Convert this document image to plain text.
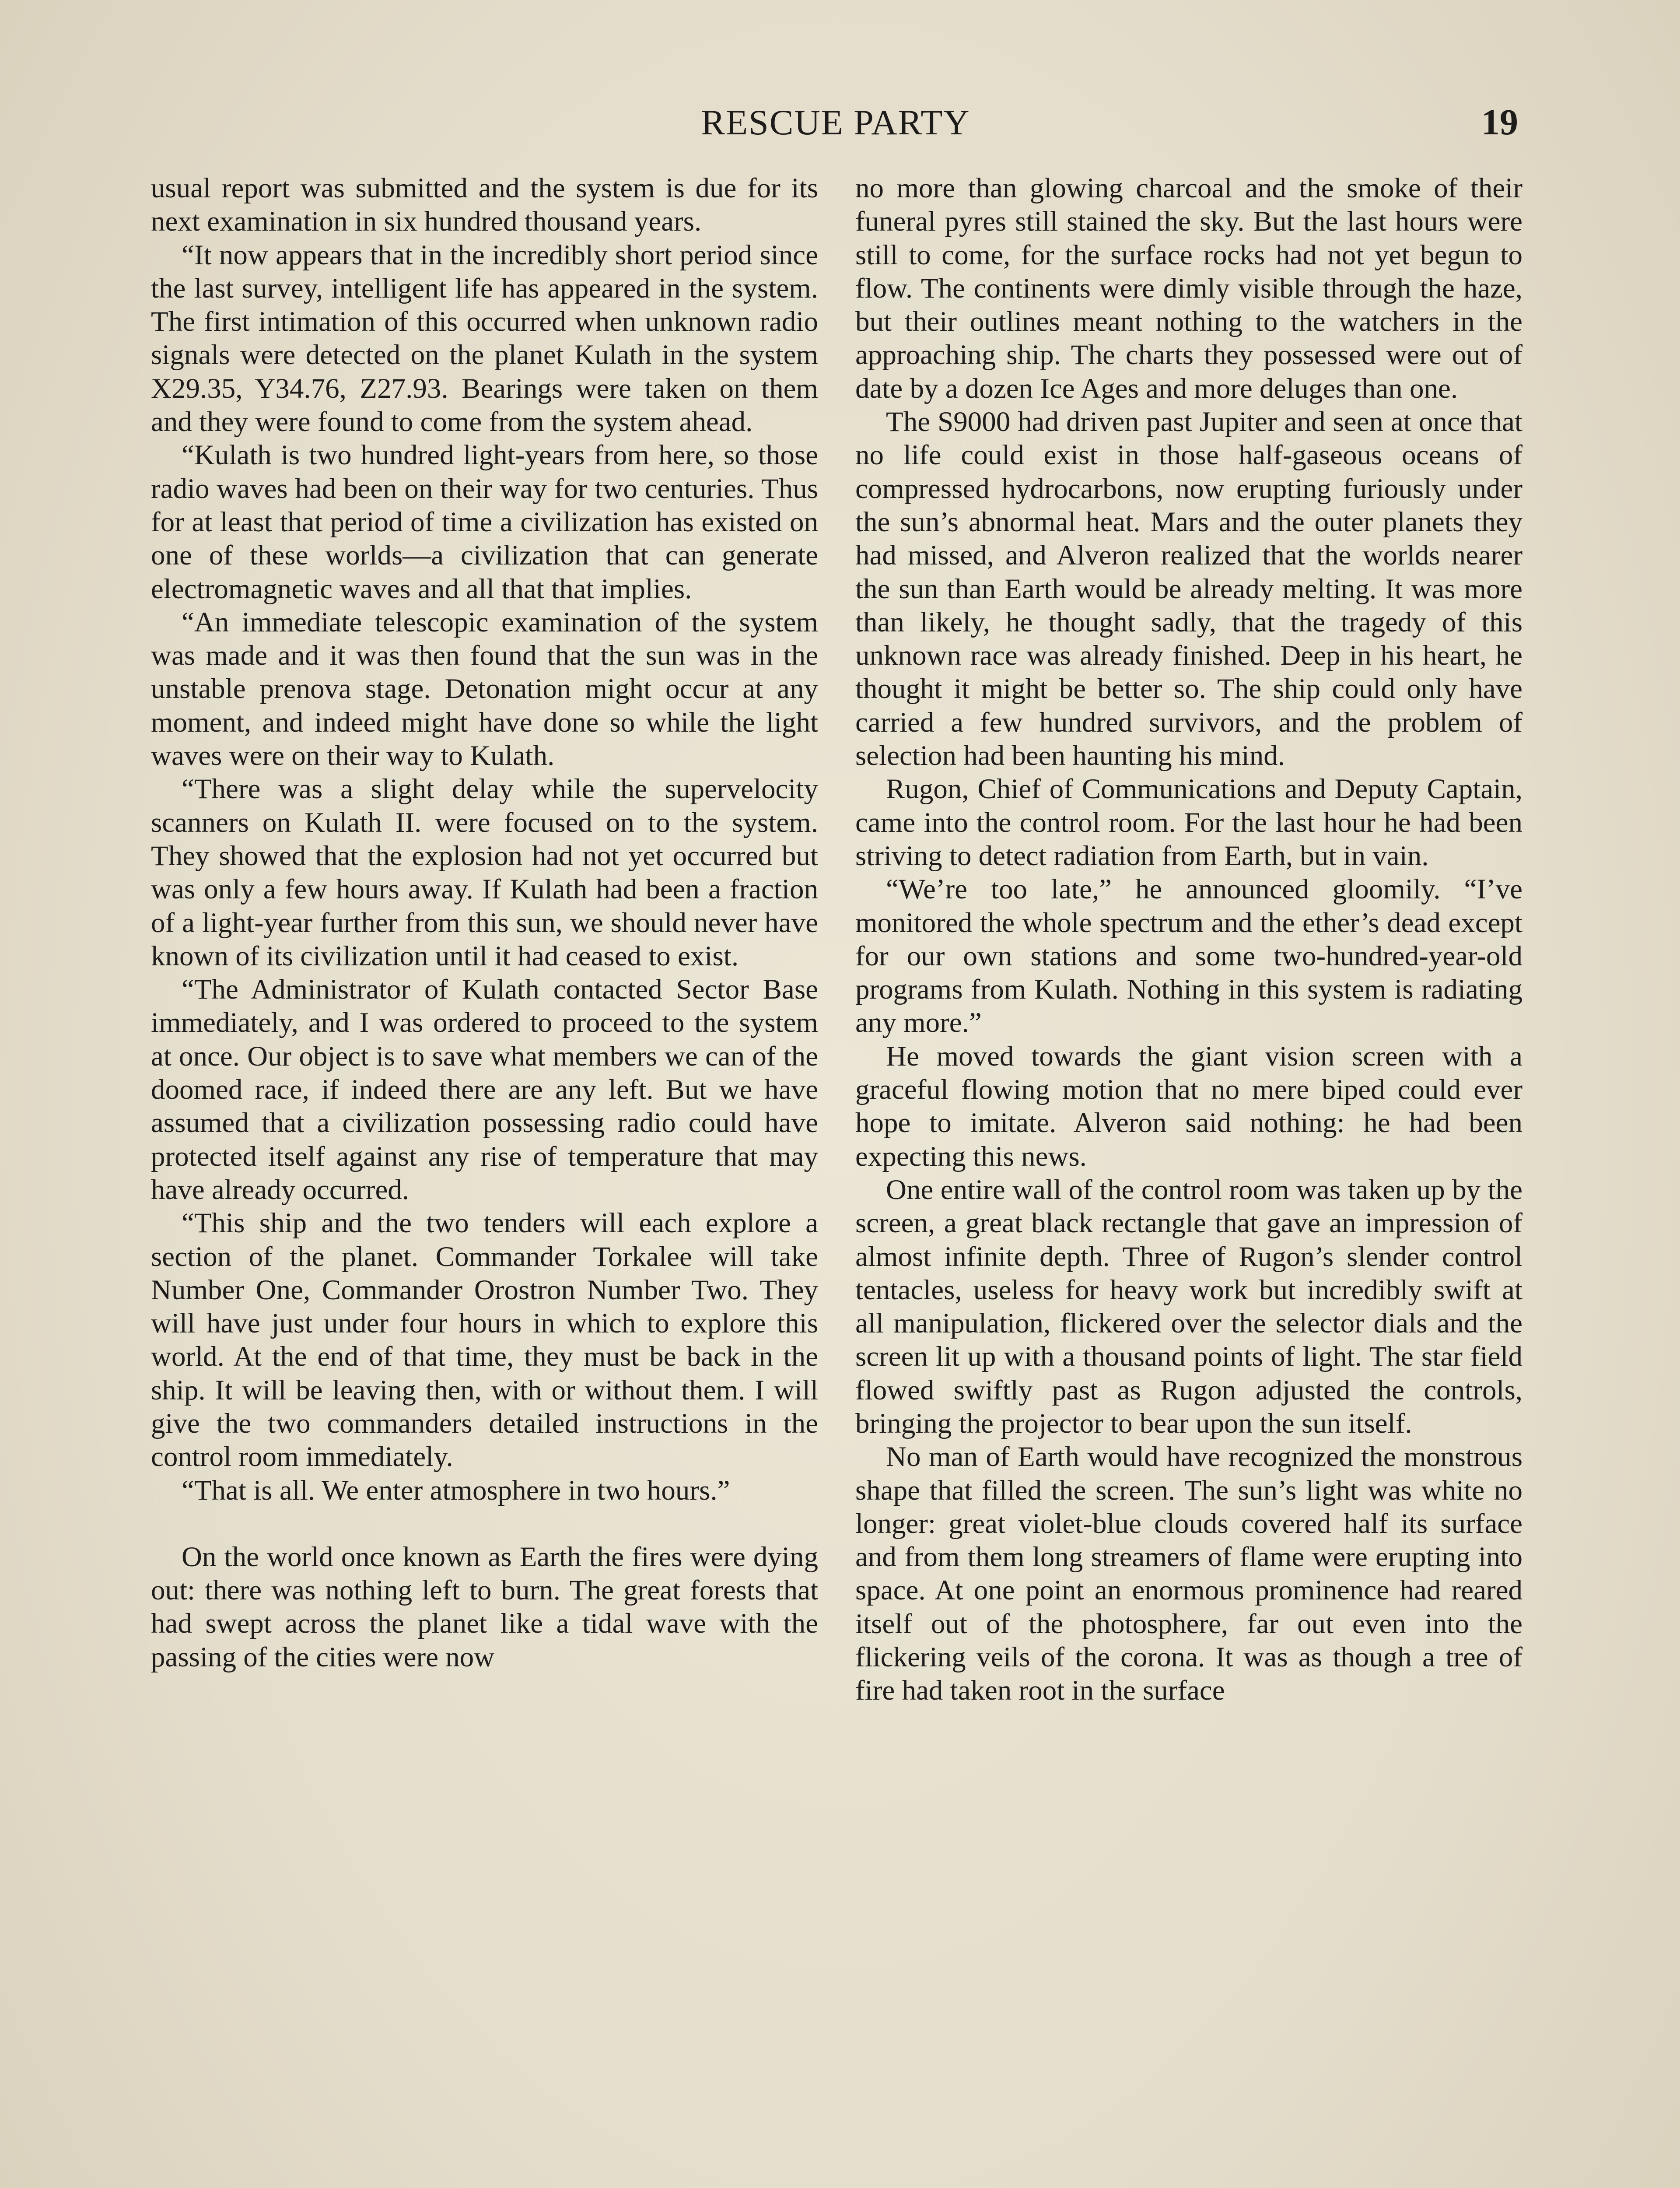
RESCUE PARTY	19

usual report was submitted and the system is due for its next examination in six hundred thousand years.

“It now appears that in the incredibly short period since the last survey, intelligent life has appeared in the system. The first intimation of this occurred when unknown radio signals were detected on the planet Kulath in the system X29.35, Y34.76, Z27.93. Bearings were taken on them and they were found to come from the system ahead.

“Kulath is two hundred light-years from here, so those radio waves had been on their way for two centuries. Thus for at least that period of time a civilization has existed on one of these worlds—a civilization that can generate electromagnetic waves and all that that implies.

“An immediate telescopic examination of the system was made and it was then found that the sun was in the unstable prenova stage. Detonation might occur at any moment, and indeed might have done so while the light waves were on their way to Kulath.

“There was a slight delay while the supervelocity scanners on Kulath II. were focused on to the system. They showed that the explosion had not yet occurred but was only a few hours away. If Kulath had been a fraction of a light-year further from this sun, we should never have known of its civilization until it had ceased to exist.

“The Administrator of Kulath contacted Sector Base immediately, and I was ordered to proceed to the system at once. Our object is to save what members we can of the doomed race, if indeed there are any left. But we have assumed that a civilization possessing radio could have protected itself against any rise of temperature that may have already occurred.

“This ship and the two tenders will each explore a section of the planet. Commander Torkalee will take Number One, Commander Orostron Number Two. They will have just under four hours in which to explore this world. At the end of that time, they must be back in the ship. It will be leaving then, with or without them. I will give the two commanders detailed instructions in the control room immediately.

“That is all. We enter atmosphere in two hours.”

On the world once known as Earth the fires were dying out: there was nothing left to burn. The great forests that had swept across the planet like a tidal wave with the passing of the cities were now

no more than glowing charcoal and the smoke of their funeral pyres still stained the sky. But the last hours were still to come, for the surface rocks had not yet begun to flow. The continents were dimly visible through the haze, but their outlines meant nothing to the watchers in the approaching ship. The charts they possessed were out of date by a dozen Ice Ages and more deluges than one.

The S9000 had driven past Jupiter and seen at once that no life could exist in those half-gaseous oceans of compressed hydrocarbons, now erupting furiously under the sun’s abnormal heat. Mars and the outer planets they had missed, and Alveron realized that the worlds nearer the sun than Earth would be already melting. It was more than likely, he thought sadly, that the tragedy of this unknown race was already finished. Deep in his heart, he thought it might be better so. The ship could only have carried a few hundred survivors, and the problem of selection had been haunting his mind.

Rugon, Chief of Communications and Deputy Captain, came into the control room. For the last hour he had been striving to detect radiation from Earth, but in vain.

“We’re too late,” he announced gloomily. “I’ve monitored the whole spectrum and the ether’s dead except for our own stations and some two-hundred-year-old programs from Kulath. Nothing in this system is radiating any more.”

He moved towards the giant vision screen with a graceful flowing motion that no mere biped could ever hope to imitate. Alveron said nothing: he had been expecting this news.

One entire wall of the control room was taken up by the screen, a great black rectangle that gave an impression of almost infinite depth. Three of Rugon’s slender control tentacles, useless for heavy work but incredibly swift at all manipulation, flickered over the selector dials and the screen lit up with a thousand points of light. The star field flowed swiftly past as Rugon adjusted the controls, bringing the projector to bear upon the sun itself.

No man of Earth would have recognized the monstrous shape that filled the screen. The sun’s light was white no longer: great violet-blue clouds covered half its surface and from them long streamers of flame were erupting into space. At one point an enormous prominence had reared itself out of the photosphere, far out even into the flickering veils of the corona. It was as though a tree of fire had taken root in the surface
